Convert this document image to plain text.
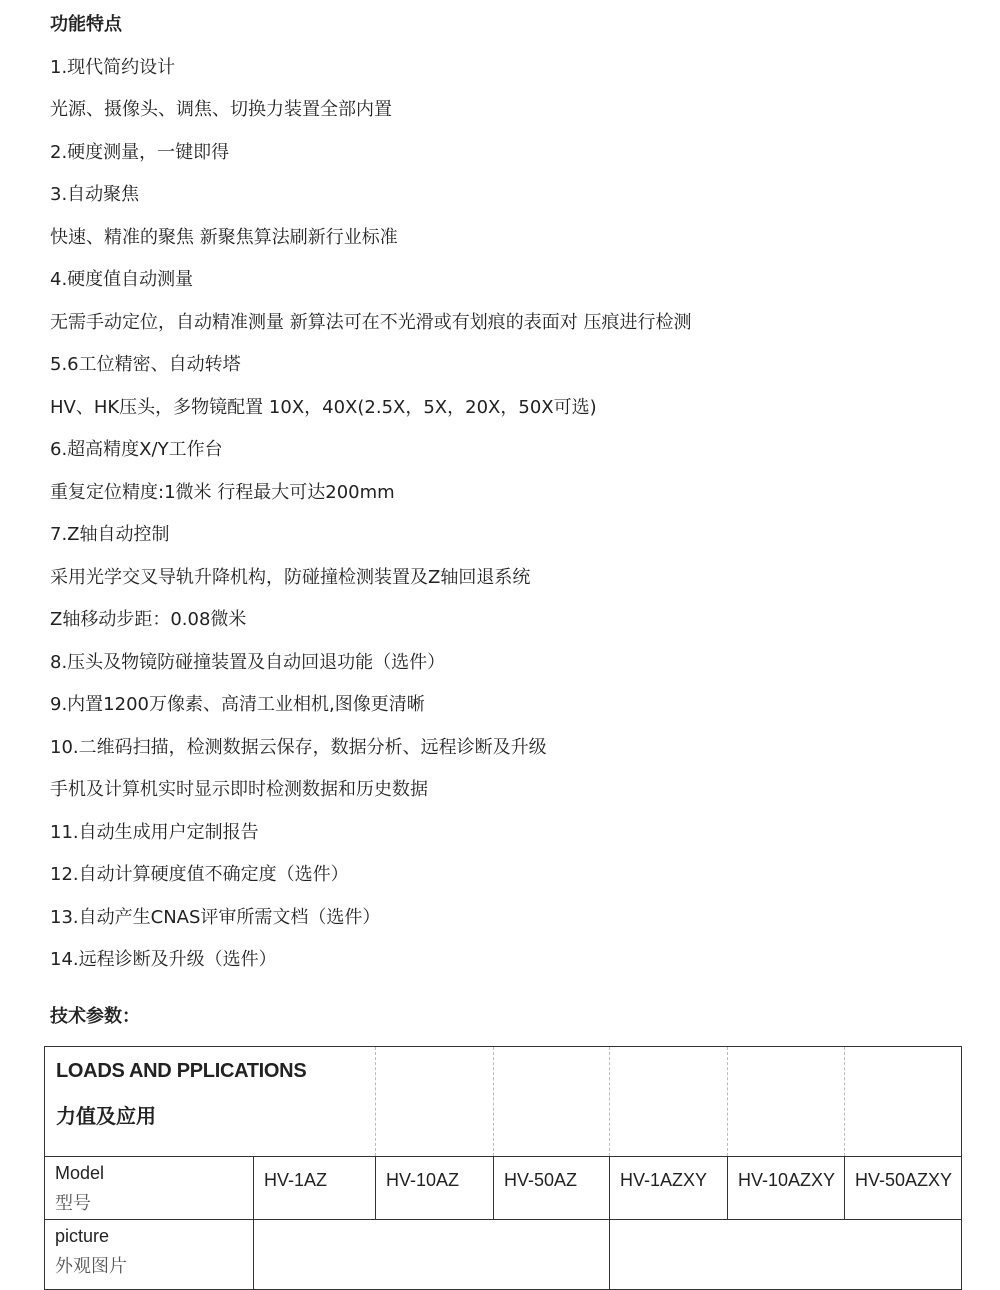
功能特点
1.现代简约设计
光源、摄像头、调焦、切换力装置全部内置
2.硬度测量，一键即得
3.自动聚焦
快速、精准的聚焦 新聚焦算法刷新行业标准
4.硬度值自动测量
无需手动定位，自动精准测量 新算法可在不光滑或有划痕的表面对 压痕进行检测
5.6工位精密、自动转塔
HV、HK压头，多物镜配置 10X，40X(2.5X，5X，20X，50X可选)
6.超高精度X/Y工作台
重复定位精度:1微米 行程最大可达200mm
7.Z轴自动控制
采用光学交叉导轨升降机构，防碰撞检测装置及Z轴回退系统
Z轴移动步距：0.08微米
8.压头及物镜防碰撞装置及自动回退功能（选件）
9.内置1200万像素、高清工业相机,图像更清晰
10.二维码扫描，检测数据云保存，数据分析、远程诊断及升级
手机及计算机实时显示即时检测数据和历史数据
11.自动生成用户定制报告
12.自动计算硬度值不确定度（选件）
13.自动产生CNAS评审所需文档（选件）
14.远程诊断及升级（选件）
技术参数：
LOADS AND PPLICATIONS
力值及应用						

Model
型号	HV-1AZ	HV-10AZ	HV-50AZ	HV-1AZXY	HV-10AZXY	HV-50AZXY

picture
外观图片						
